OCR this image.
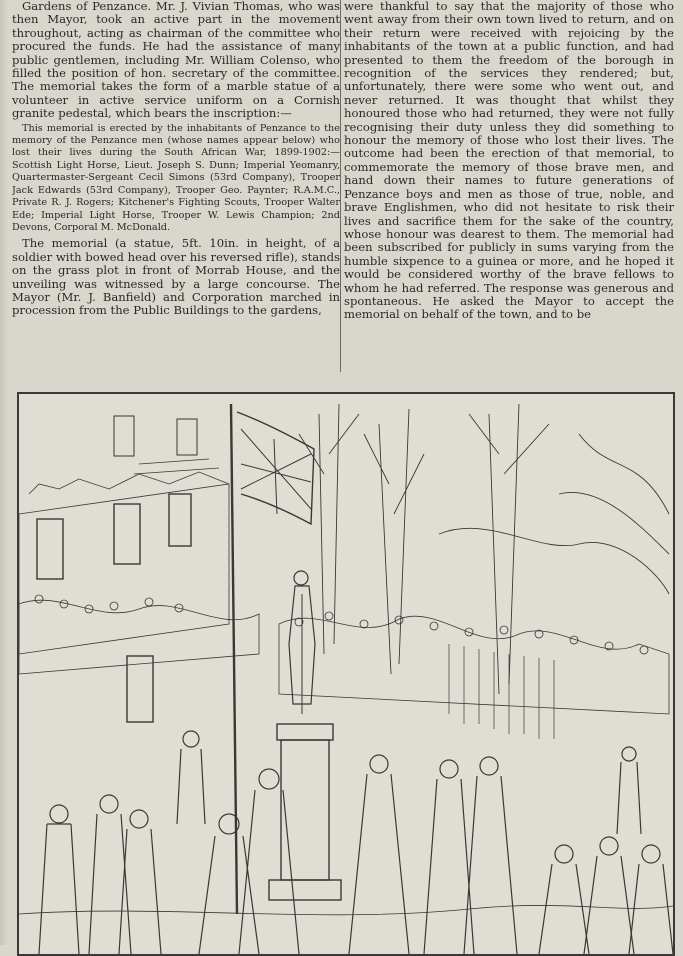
Gardens of Penzance. Mr. J. Vivian Thomas, who was then Mayor, took an active part in the movement throughout, acting as chairman of the committee who procured the funds. He had the assistance of many public gentlemen, including Mr. William Colenso, who filled the position of hon. secretary of the committee. The memorial takes the form of a marble statue of a volunteer in active service uniform on a Cornish granite pedestal, which bears the inscription:—

This memorial is erected by the inhabitants of Penzance to the memory of the Penzance men (whose names appear below) who lost their lives during the South African War, 1899-1902:—Scottish Light Horse, Lieut. Joseph S. Dunn; Imperial Yeomanry, Quartermaster-Sergeant Cecil Simons (53rd Company), Trooper Jack Edwards (53rd Company), Trooper Geo. Paynter; R.A.M.C., Private R. J. Rogers; Kitchener's Fighting Scouts, Trooper Walter Ede; Imperial Light Horse, Trooper W. Lewis Champion; 2nd Devons, Corporal M. McDonald.

The memorial (a statue, 5ft. 10in. in height, of a soldier with bowed head over his reversed rifle), stands on the grass plot in front of Morrab House, and the unveiling was witnessed by a large concourse. The Mayor (Mr. J. Banfield) and Corporation marched in procession from the Public Buildings to the gardens,

were thankful to say that the majority of those who went away from their own town lived to return, and on their return were received with rejoicing by the inhabitants of the town at a public function, and had presented to them the freedom of the borough in recognition of the services they rendered; but, unfortunately, there were some who went out, and never returned. It was thought that whilst they honoured those who had returned, they were not fully recognising their duty unless they did something to honour the memory of those who lost their lives. The outcome had been the erection of that memorial, to commemorate the memory of those brave men, and hand down their names to future generations of Penzance boys and men as those of true, noble, and brave Englishmen, who did not hesitate to risk their lives and sacrifice them for the sake of the country, whose honour was dearest to them. The memorial had been subscribed for publicly in sums varying from the humble sixpence to a guinea or more, and he hoped it would be considered worthy of the brave fellows to whom he had referred. The response was generous and spontaneous. He asked the Mayor to accept the memorial on behalf of the town, and to be
